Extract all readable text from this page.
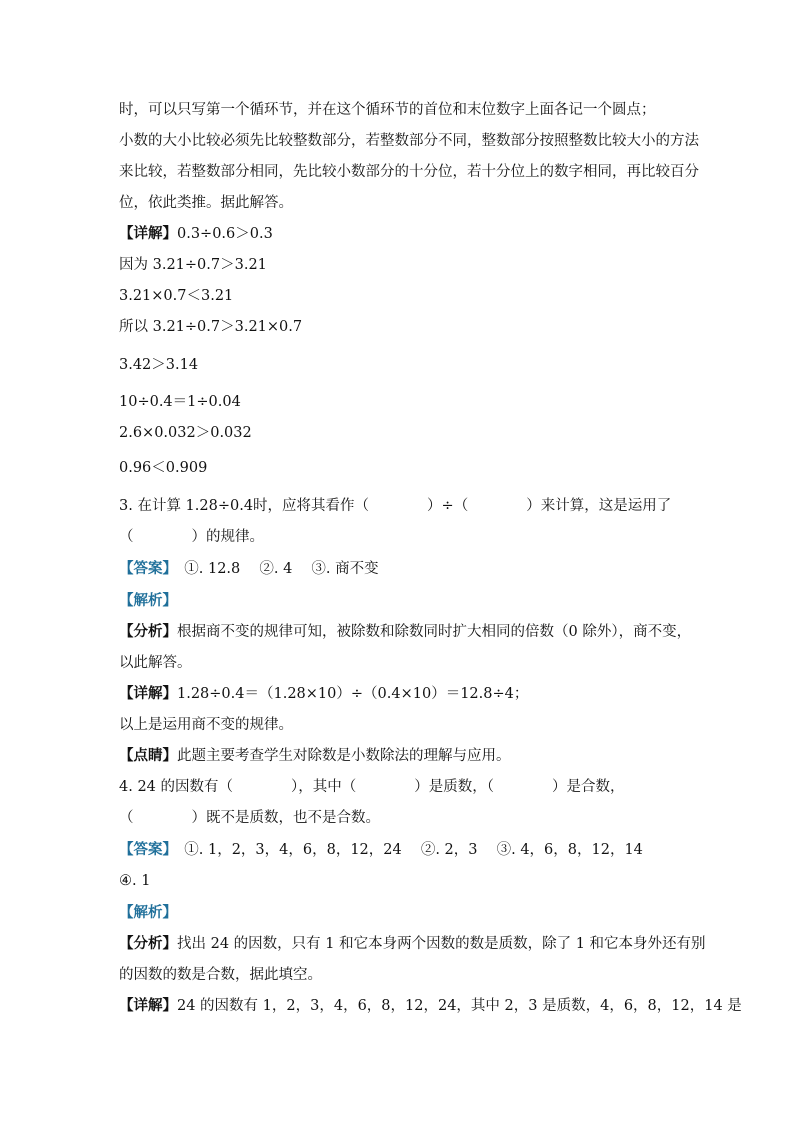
时，可以只写第一个循环节，并在这个循环节的首位和末位数字上面各记一个圆点；
小数的大小比较必须先比较整数部分，若整数部分不同，整数部分按照整数比较大小的方法
来比较，若整数部分相同，先比较小数部分的十分位，若十分位上的数字相同，再比较百分
位，依此类推。据此解答。
【详解】0.3÷0.6＞0.3
因为 3.21÷0.7＞3.21
3.21×0.7＜3.21
所以 3.21÷0.7＞3.21×0.7
3.42＞3.14
10÷0.4＝1÷0.04
2.6×0.032＞0.032
0.96＜0.909
3. 在计算 1.28÷0.4时，应将其看作（　　　　）÷（　　　　）来计算，这是运用了
（　　　　）的规律。
【答案】　①. 12.8　 ②. 4　 ③. 商不变
【解析】
【分析】根据商不变的规律可知，被除数和除数同时扩大相同的倍数（0 除外），商不变，
以此解答。
【详解】1.28÷0.4＝（1.28×10）÷（0.4×10）＝12.8÷4；
以上是运用商不变的规律。
【点睛】此题主要考查学生对除数是小数除法的理解与应用。
4. 24 的因数有（　　　　），其中（　　　　）是质数，（　　　　）是合数，
（　　　　）既不是质数，也不是合数。
【答案】　①. 1，2，3，4，6，8，12，24　 ②. 2，3　 ③. 4，6，8，12，14
④. 1
【解析】
【分析】找出 24 的因数，只有 1 和它本身两个因数的数是质数，除了 1 和它本身外还有别
的因数的数是合数，据此填空。
【详解】24 的因数有 1，2，3，4，6，8，12，24，其中 2，3 是质数，4，6，8，12，14 是
